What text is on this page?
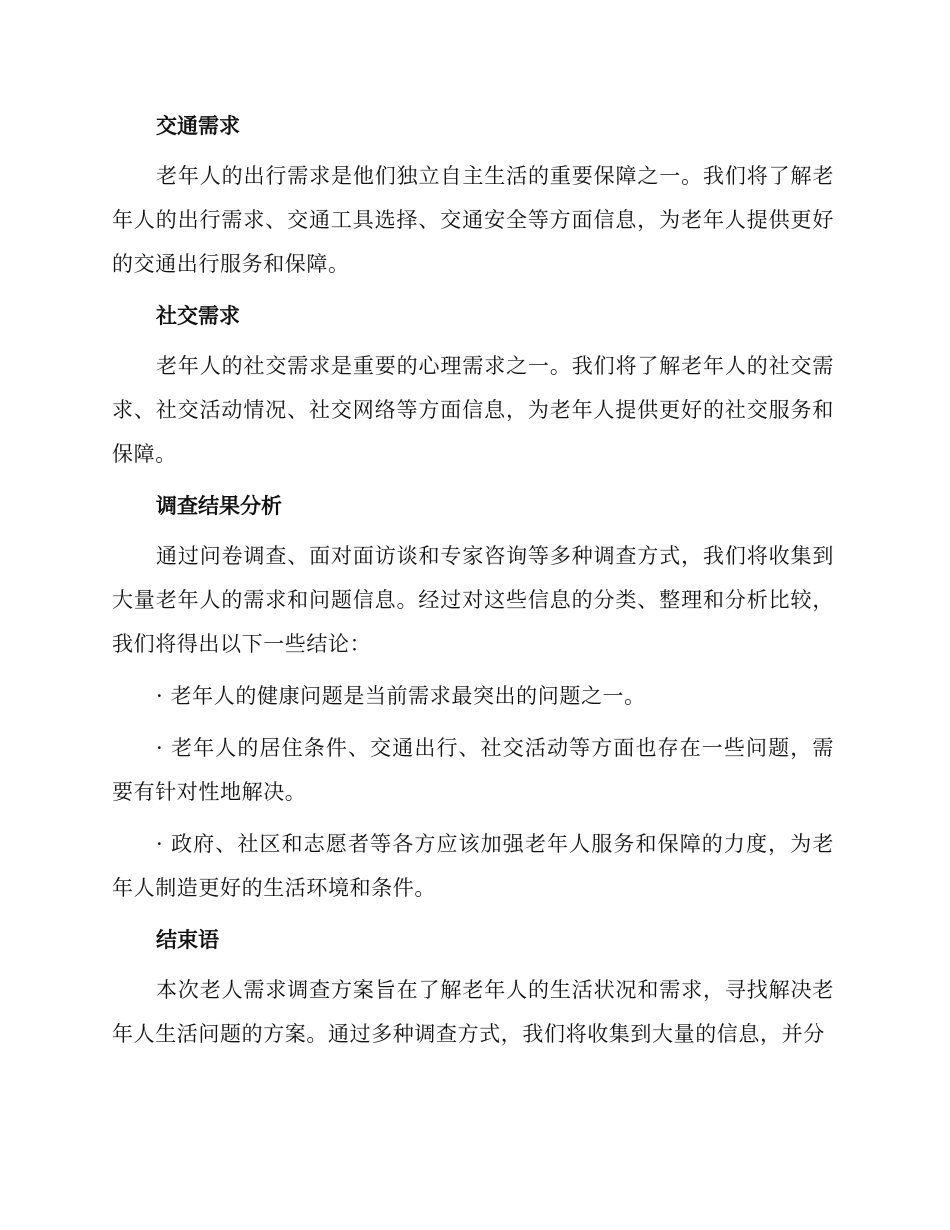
交通需求

老年人的出行需求是他们独立自主生活的重要保障之一。我们将了解老年人的出行需求、交通工具选择、交通安全等方面信息，为老年人提供更好的交通出行服务和保障。

社交需求

老年人的社交需求是重要的心理需求之一。我们将了解老年人的社交需求、社交活动情况、社交网络等方面信息，为老年人提供更好的社交服务和保障。

调查结果分析

通过问卷调查、面对面访谈和专家咨询等多种调查方式，我们将收集到大量老年人的需求和问题信息。经过对这些信息的分类、整理和分析比较，我们将得出以下一些结论：

· 老年人的健康问题是当前需求最突出的问题之一。

· 老年人的居住条件、交通出行、社交活动等方面也存在一些问题，需要有针对性地解决。

· 政府、社区和志愿者等各方应该加强老年人服务和保障的力度，为老年人制造更好的生活环境和条件。

结束语

本次老人需求调查方案旨在了解老年人的生活状况和需求，寻找解决老年人生活问题的方案。通过多种调查方式，我们将收集到大量的信息，并分
